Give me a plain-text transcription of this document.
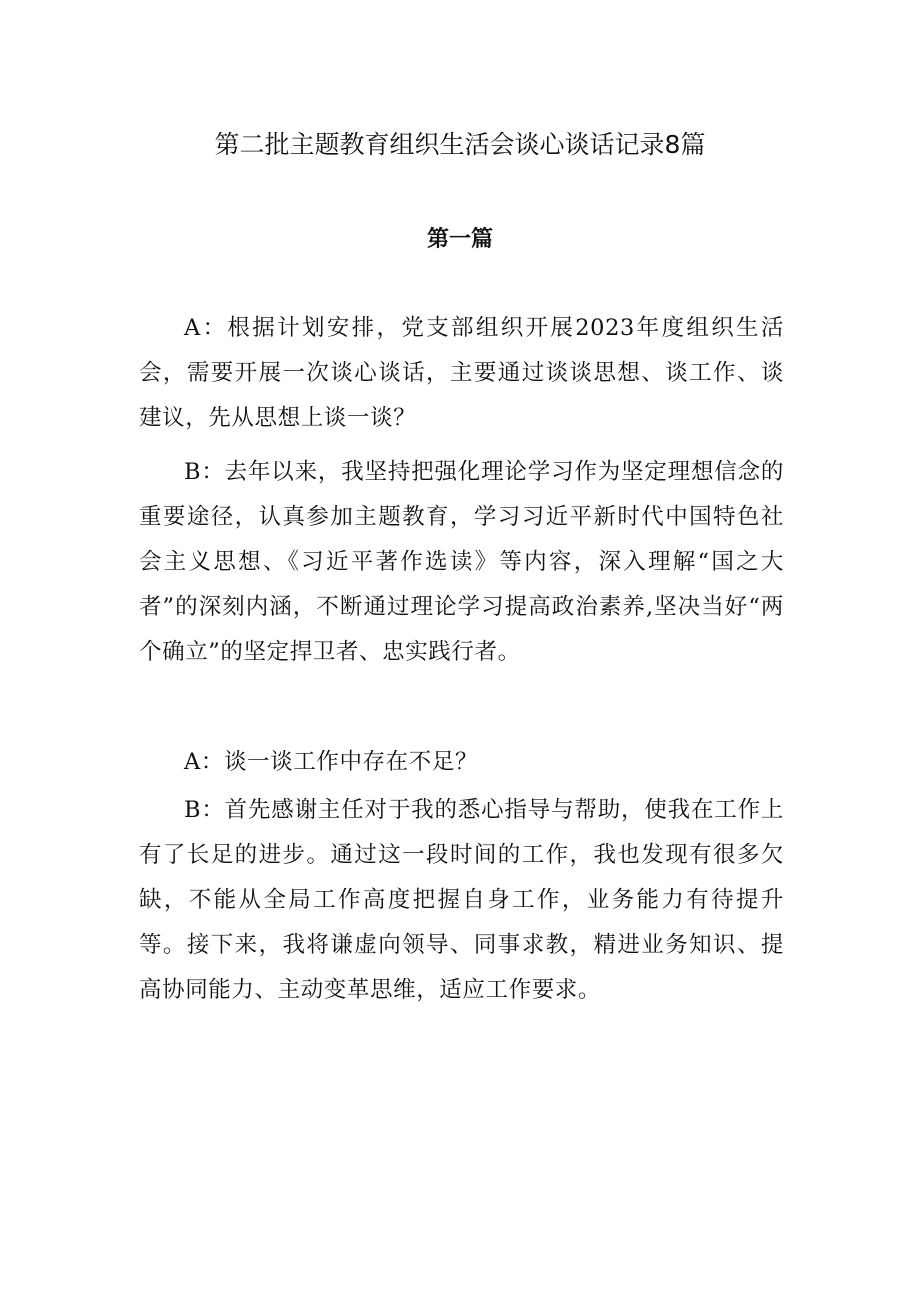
第二批主题教育组织生活会谈心谈话记录8篇
第一篇

A：根据计划安排，党支部组织开展2023年度组织生活会，需要开展一次谈心谈话，主要通过谈谈思想、谈工作、谈建议，先从思想上谈一谈？

B：去年以来，我坚持把强化理论学习作为坚定理想信念的重要途径，认真参加主题教育，学习习近平新时代中国特色社会主义思想、《习近平著作选读》等内容，深入理解“国之大者”的深刻内涵，不断通过理论学习提高政治素养,坚决当好“两个确立”的坚定捍卫者、忠实践行者。

A：谈一谈工作中存在不足？

B：首先感谢主任对于我的悉心指导与帮助，使我在工作上有了长足的进步。通过这一段时间的工作，我也发现有很多欠缺，不能从全局工作高度把握自身工作，业务能力有待提升等。接下来，我将谦虚向领导、同事求教，精进业务知识、提高协同能力、主动变革思维，适应工作要求。
